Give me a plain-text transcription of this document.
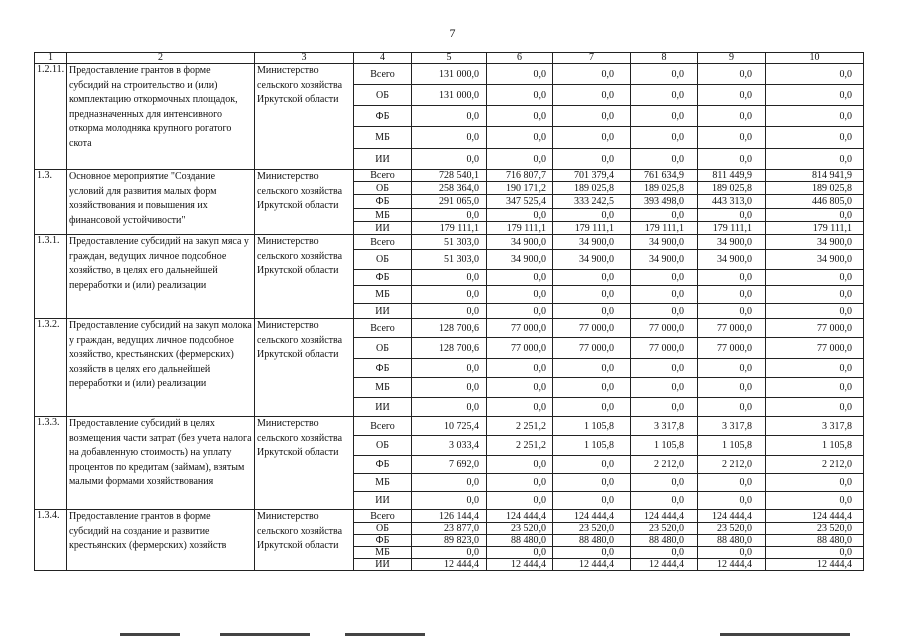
7
1	2	3	4	5	6	7	8	9	10
1.2.11.	Предоставление грантов в форме субсидий на строительство и (или) комплектацию откормочных площадок, предназначенных для интенсивного откорма молодняка крупного рогатого скота	Министерство сельского хозяйства Иркутской области	Всего	131 000,0	0,0	0,0	0,0	0,0	0,0
			ОБ	131 000,0	0,0	0,0	0,0	0,0	0,0
			ФБ	0,0	0,0	0,0	0,0	0,0	0,0
			МБ	0,0	0,0	0,0	0,0	0,0	0,0
			ИИ	0,0	0,0	0,0	0,0	0,0	0,0
1.3.	Основное мероприятие "Создание условий для развития малых форм хозяйствования и повышения их финансовой устойчивости"	Министерство сельского хозяйства Иркутской области	Всего	728 540,1	716 807,7	701 379,4	761 634,9	811 449,9	814 941,9
			ОБ	258 364,0	190 171,2	189 025,8	189 025,8	189 025,8	189 025,8
			ФБ	291 065,0	347 525,4	333 242,5	393 498,0	443 313,0	446 805,0
			МБ	0,0	0,0	0,0	0,0	0,0	0,0
			ИИ	179 111,1	179 111,1	179 111,1	179 111,1	179 111,1	179 111,1
1.3.1.	Предоставление субсидий на закуп мяса у граждан, ведущих личное подсобное хозяйство, в целях его дальнейшей переработки и (или) реализации	Министерство сельского хозяйства Иркутской области	Всего	51 303,0	34 900,0	34 900,0	34 900,0	34 900,0	34 900,0
			ОБ	51 303,0	34 900,0	34 900,0	34 900,0	34 900,0	34 900,0
			ФБ	0,0	0,0	0,0	0,0	0,0	0,0
			МБ	0,0	0,0	0,0	0,0	0,0	0,0
			ИИ	0,0	0,0	0,0	0,0	0,0	0,0
1.3.2.	Предоставление субсидий на закуп молока у граждан, ведущих личное подсобное хозяйство, крестьянских (фермерских) хозяйств в целях его дальнейшей переработки и (или) реализации	Министерство сельского хозяйства Иркутской области	Всего	128 700,6	77 000,0	77 000,0	77 000,0	77 000,0	77 000,0
			ОБ	128 700,6	77 000,0	77 000,0	77 000,0	77 000,0	77 000,0
			ФБ	0,0	0,0	0,0	0,0	0,0	0,0
			МБ	0,0	0,0	0,0	0,0	0,0	0,0
			ИИ	0,0	0,0	0,0	0,0	0,0	0,0
1.3.3.	Предоставление субсидий в целях возмещения части затрат (без учета налога на добавленную стоимость) на уплату процентов по кредитам (займам), взятым малыми формами хозяйствования	Министерство сельского хозяйства Иркутской области	Всего	10 725,4	2 251,2	1 105,8	3 317,8	3 317,8	3 317,8
			ОБ	3 033,4	2 251,2	1 105,8	1 105,8	1 105,8	1 105,8
			ФБ	7 692,0	0,0	0,0	2 212,0	2 212,0	2 212,0
			МБ	0,0	0,0	0,0	0,0	0,0	0,0
			ИИ	0,0	0,0	0,0	0,0	0,0	0,0
1.3.4.	Предоставление грантов в форме субсидий на создание и развитие крестьянских (фермерских) хозяйств	Министерство сельского хозяйства Иркутской области	Всего	126 144,4	124 444,4	124 444,4	124 444,4	124 444,4	124 444,4
			ОБ	23 877,0	23 520,0	23 520,0	23 520,0	23 520,0	23 520,0
			ФБ	89 823,0	88 480,0	88 480,0	88 480,0	88 480,0	88 480,0
			МБ	0,0	0,0	0,0	0,0	0,0	0,0
			ИИ	12 444,4	12 444,4	12 444,4	12 444,4	12 444,4	12 444,4
